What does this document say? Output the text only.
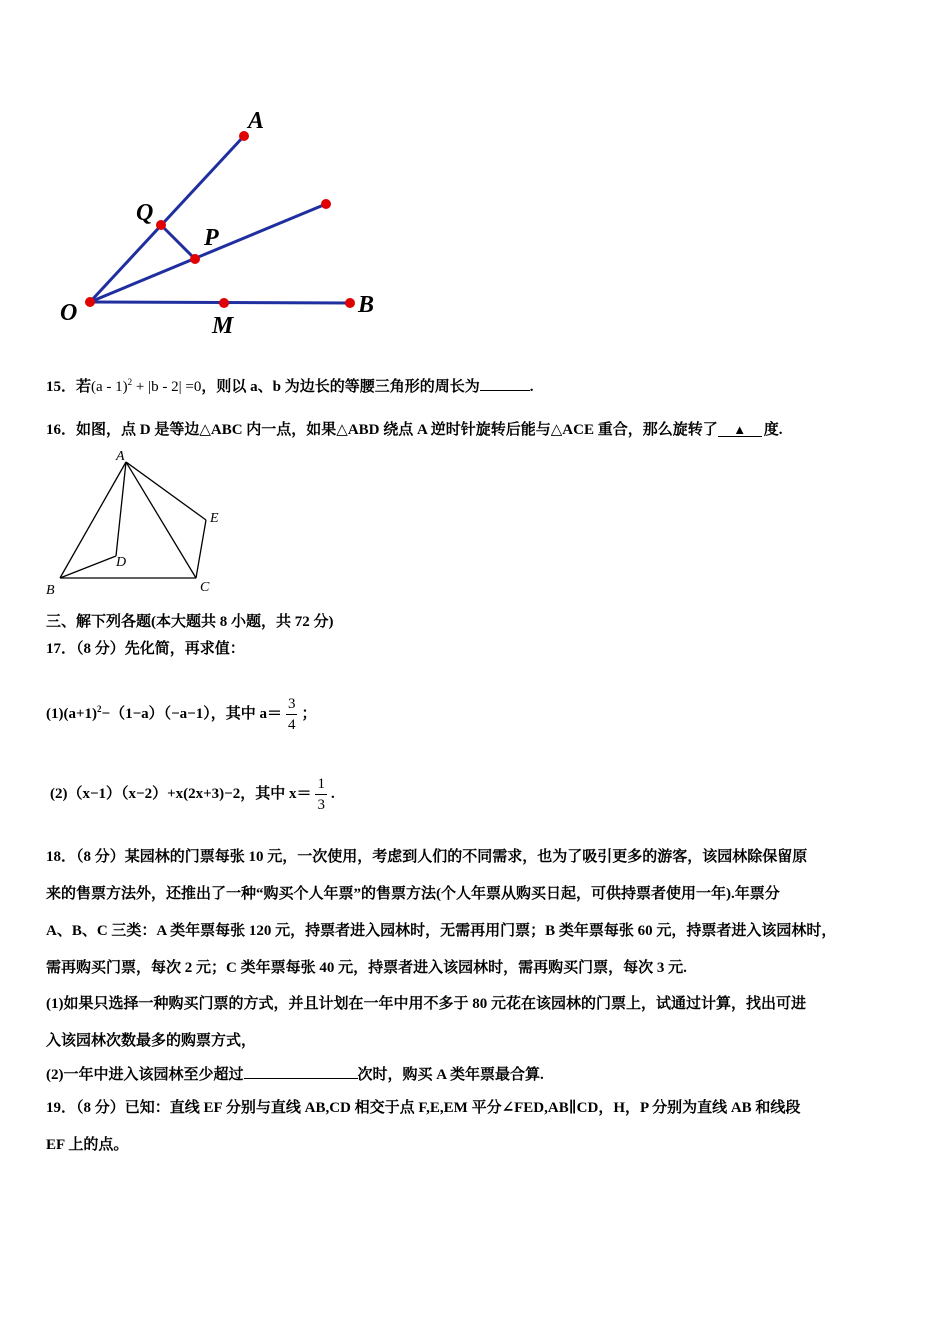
A
Q
P
O	M
B
15．若(a - 1)$^2$ + |b - 2| =0，则以 a、b 为边长的等腰三角形的周长为	.
16．如图，点 D 是等边△ABC 内一点，如果△ABD 绕点 A 逆时针旋转后能与△ACE 重合，那么旋转了 ▲ 度.
A
E
D
B	C
三、解下列各题(本大题共 8 小题，共 72 分)
17．（8 分）先化简，再求值：
$(1)(a+1)^2-(1-a)(-a-1)$，其中 $a= \frac{3}{4}$ ；
(2)（x−1）（x−2）+x(2x+3)−2，其中 $x= \frac{1}{3}$ .
18．（8 分）某园林的门票每张 10 元，一次使用，考虑到人们的不同需求，也为了吸引更多的游客，该园林除保留原
来的售票方法外，还推出了一种“购买个人年票”的售票方法(个人年票从购买日起，可供持票者使用一年).年票分
A、B、C 三类：A 类年票每张 120 元，持票者进入园林时，无需再用门票；B 类年票每张 60 元，持票者进入该园林时，
需再购买门票，每次 2 元；C 类年票每张 40 元，持票者进入该园林时，需再购买门票，每次 3 元.
(1)如果只选择一种购买门票的方式，并且计划在一年中用不多于 80 元花在该园林的门票上，试通过计算，找出可进
入该园林次数最多的购票方式，
(2)一年中进入该园林至少超过	次时，购买 A 类年票最合算.
19．（8 分）已知：直线 EF 分别与直线 AB,CD 相交于点 F,E,EM 平分∠FED,AB∥CD，H，P 分别为直线 AB 和线段
EF 上的点。
